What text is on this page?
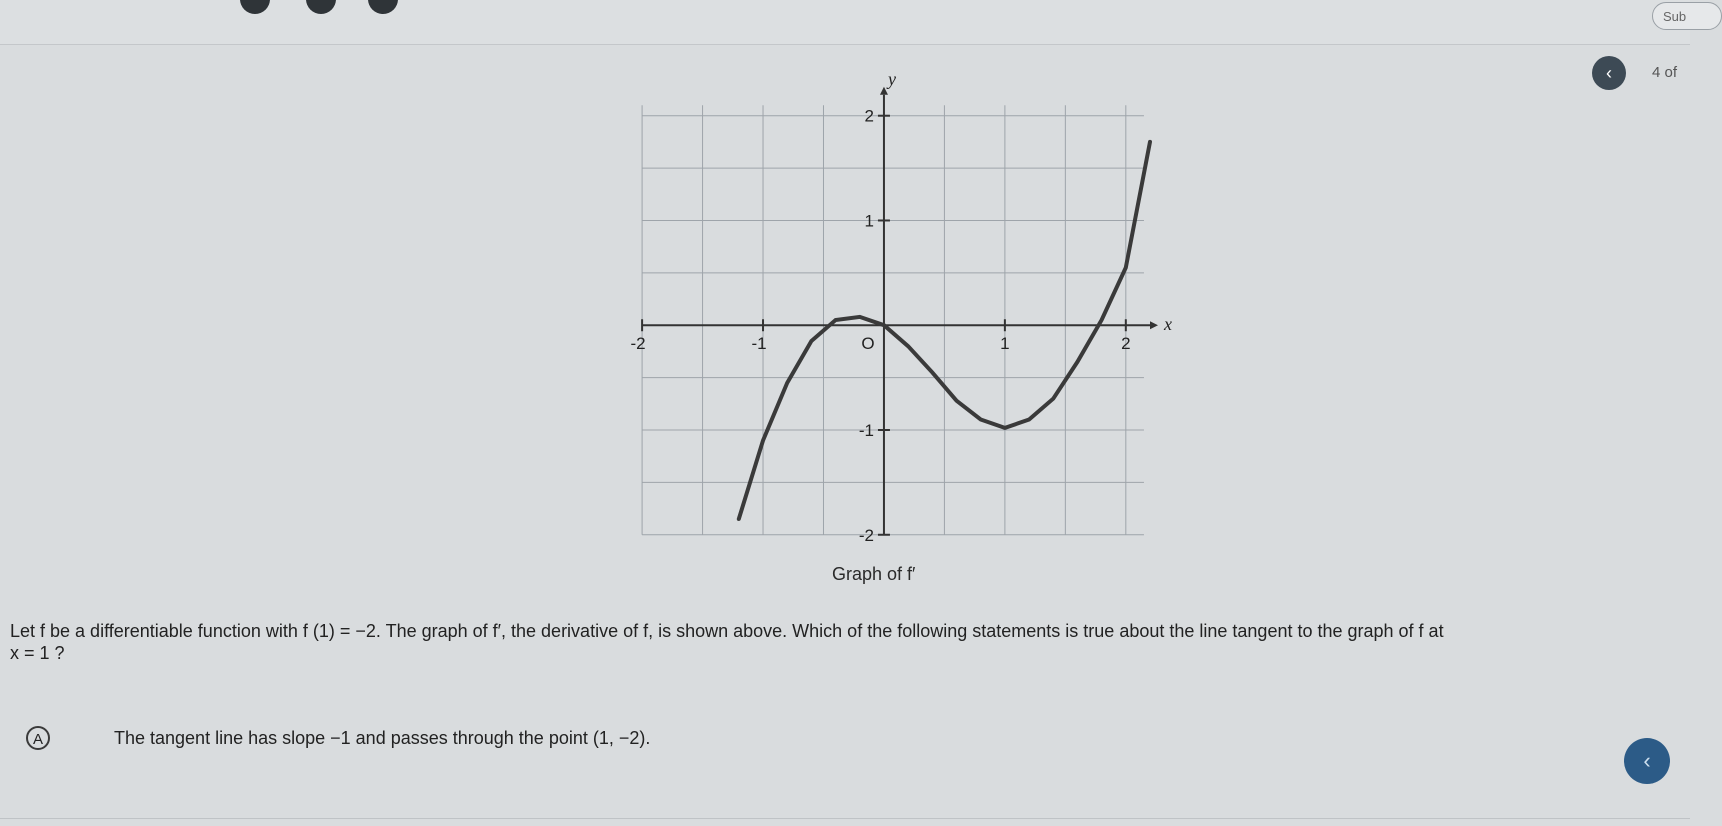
Sub
‹	4 of
x
y
-2	-1	O	1	2
2
1
-1
-2
Graph of f′
Let f be a differentiable function with f (1) = −2. The graph of f′, the derivative of f, is shown above. Which of the following statements is true about the line tangent to the graph of f at
x = 1 ?
A	The tangent line has slope −1 and passes through the point (1, −2).
‹
